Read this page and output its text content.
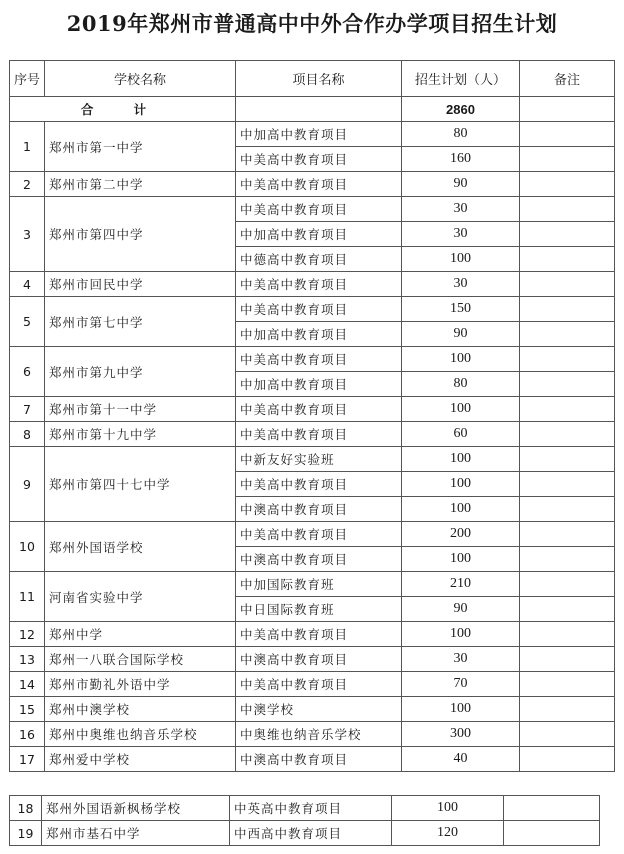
2019年郑州市普通高中中外合作办学项目招生计划
序号	学校名称	项目名称	招生计划（人）	备注
合 计			2860	
1	郑州市第一中学	中加高中教育项目	80	
		中美高中教育项目	160	
2	郑州市第二中学	中美高中教育项目	90	
3	郑州市第四中学	中美高中教育项目	30	
		中加高中教育项目	30	
		中德高中教育项目	100	
4	郑州市回民中学	中美高中教育项目	30	
5	郑州市第七中学	中美高中教育项目	150	
		中加高中教育项目	90	
6	郑州市第九中学	中美高中教育项目	100	
		中加高中教育项目	80	
7	郑州市第十一中学	中美高中教育项目	100	
8	郑州市第十九中学	中美高中教育项目	60	
9	郑州市第四十七中学	中新友好实验班	100	
		中美高中教育项目	100	
		中澳高中教育项目	100	
10	郑州外国语学校	中美高中教育项目	200	
		中澳高中教育项目	100	
11	河南省实验中学	中加国际教育班	210	
		中日国际教育班	90	
12	郑州中学	中美高中教育项目	100	
13	郑州一八联合国际学校	中澳高中教育项目	30	
14	郑州市勤礼外语中学	中美高中教育项目	70	
15	郑州中澳学校	中澳学校	100	
16	郑州中奥维也纳音乐学校	中奥维也纳音乐学校	300	
17	郑州爱中学校	中澳高中教育项目	40	
18	郑州外国语新枫杨学校	中英高中教育项目	100	
19	郑州市基石中学	中西高中教育项目	120	
